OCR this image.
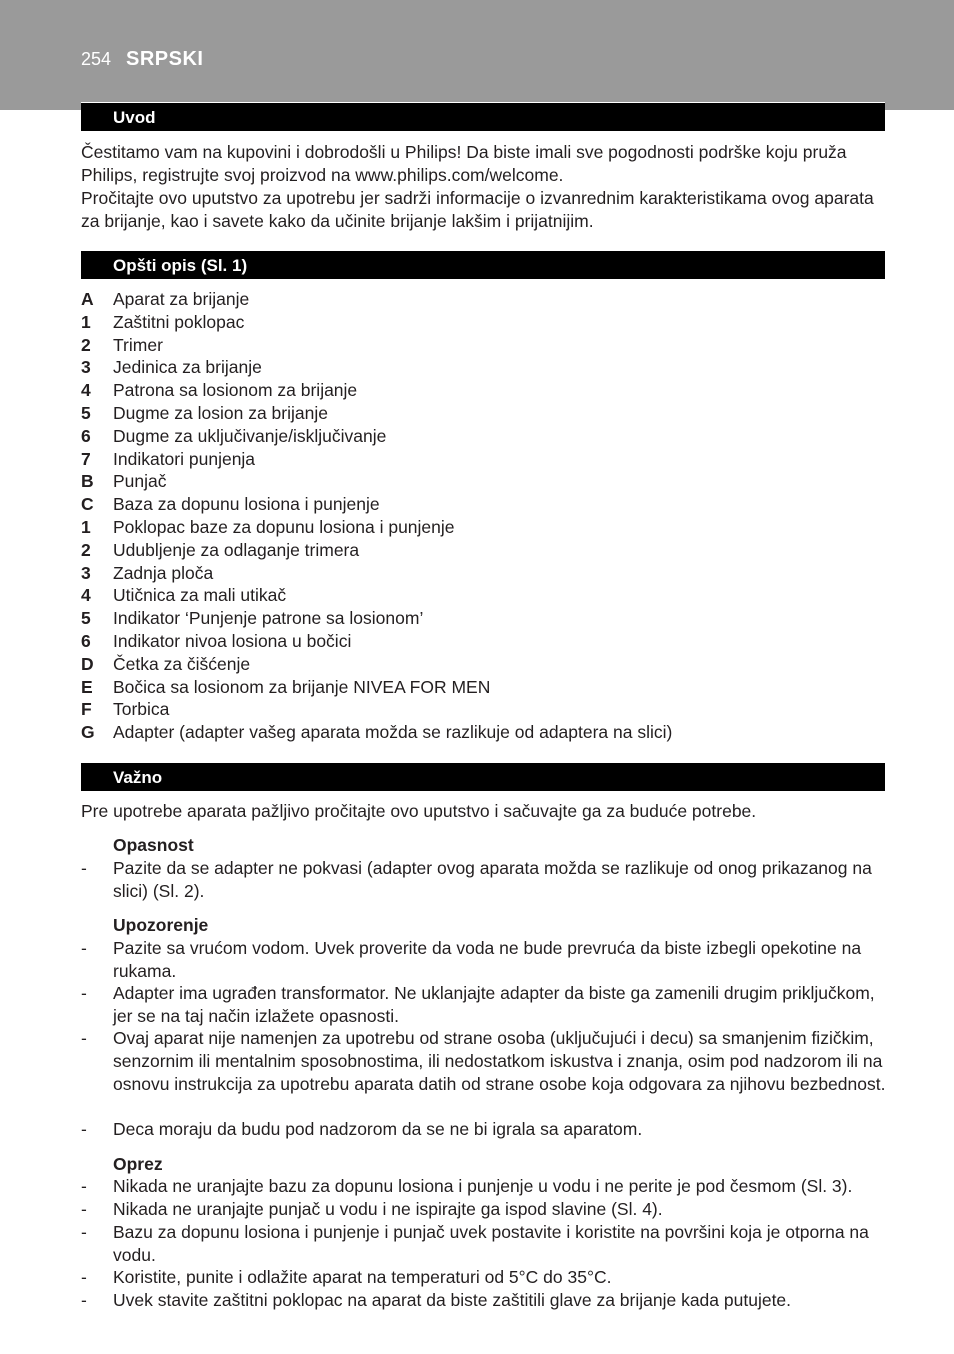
254 SRPSKI
Uvod

Čestitamo vam na kupovini i dobrodošli u Philips! Da biste imali sve pogodnosti podrške koju pruža Philips, registrujte svoj proizvod na www.philips.com/welcome.

Pročitajte ovo uputstvo za upotrebu jer sadrži informacije o izvanrednim karakteristikama ovog aparata za brijanje, kao i savete kako da učinite brijanje lakšim i prijatnijim.

Opšti opis (Sl. 1)
A	Aparat za brijanje
1	Zaštitni poklopac
2	Trimer
3	Jedinica za brijanje
4	Patrona sa losionom za brijanje
5	Dugme za losion za brijanje
6	Dugme za uključivanje/isključivanje
7	Indikatori punjenja
B	Punjač
C	Baza za dopunu losiona i punjenje
1	Poklopac baze za dopunu losiona i punjenje
2	Udubljenje za odlaganje trimera
3	Zadnja ploča
4	Utičnica za mali utikač
5	Indikator ‘Punjenje patrone sa losionom’
6	Indikator nivoa losiona u bočici
D	Četka za čišćenje
E	Bočica sa losionom za brijanje NIVEA FOR MEN
F	Torbica
G	Adapter (adapter vašeg aparata možda se razlikuje od adaptera na slici)
Važno

Pre upotrebe aparata pažljivo pročitajte ovo uputstvo i sačuvajte ga za buduće potrebe.

Opasnost
- Pazite da se adapter ne pokvasi (adapter ovog aparata možda se razlikuje od onog prikazanog na slici) (Sl. 2).
Upozorenje
- Pazite sa vrućom vodom. Uvek proverite da voda ne bude prevruća da biste izbegli opekotine na rukama.
- Adapter ima ugrađen transformator. Ne uklanjajte adapter da biste ga zamenili drugim priključkom, jer se na taj način izlažete opasnosti.
- Ovaj aparat nije namenjen za upotrebu od strane osoba (uključujući i decu) sa smanjenim fizičkim, senzornim ili mentalnim sposobnostima, ili nedostatkom iskustva i znanja, osim pod nadzorom ili na osnovu instrukcija za upotrebu aparata datih od strane osobe koja odgovara za njihovu bezbednost.
- Deca moraju da budu pod nadzorom da se ne bi igrala sa aparatom.
Oprez
- Nikada ne uranjajte bazu za dopunu losiona i punjenje u vodu i ne perite je pod česmom (Sl. 3).
- Nikada ne uranjajte punjač u vodu i ne ispirajte ga ispod slavine (Sl. 4).
- Bazu za dopunu losiona i punjenje i punjač uvek postavite i koristite na površini koja je otporna na vodu.
- Koristite, punite i odlažite aparat na temperaturi od 5°C do 35°C.
- Uvek stavite zaštitni poklopac na aparat da biste zaštitili glave za brijanje kada putujete.
